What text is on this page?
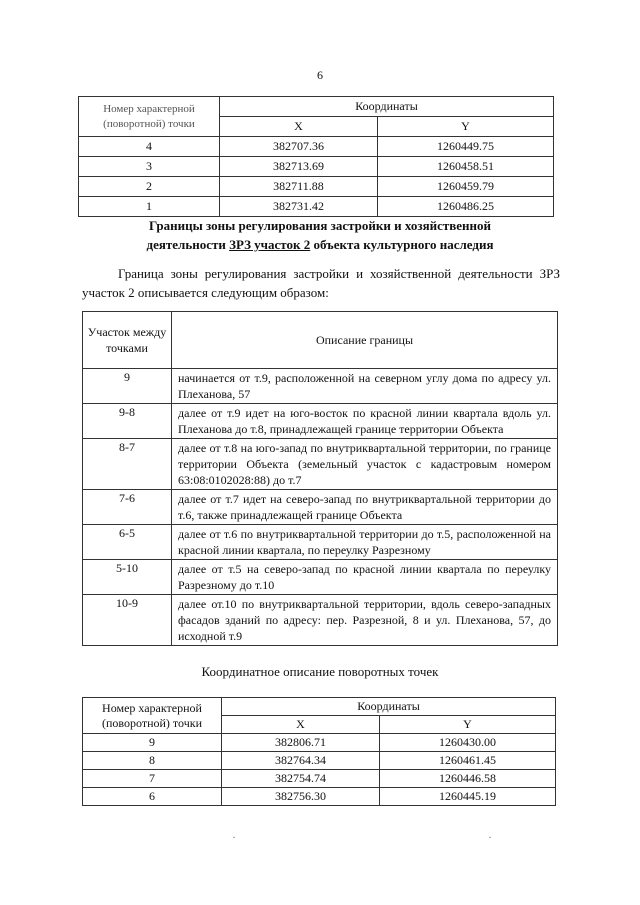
6
Номер характерной (поворотной) точки	Координаты	
	X	Y
4	382707.36	1260449.75
3	382713.69	1260458.51
2	382711.88	1260459.79
1	382731.42	1260486.25
Границы зоны регулирования застройки и хозяйственной
деятельности ЗРЗ участок 2 объекта культурного наследия
Граница зоны регулирования застройки и хозяйственной деятельности ЗРЗ участок 2 описывается следующим образом:
Участок между точками	Описание границы
9	начинается от т.9, расположенной на северном углу дома по адресу ул. Плеханова, 57
9-8	далее от т.9 идет на юго-восток по красной линии квартала вдоль ул. Плеханова до т.8, принадлежащей границе территории Объекта
8-7	далее от т.8 на юго-запад по внутриквартальной территории, по границе территории Объекта (земельный участок с кадастровым номером 63:08:0102028:88) до т.7
7-6	далее от т.7 идет на северо-запад по внутриквартальной территории до т.6, также принадлежащей границе Объекта
6-5	далее от т.6 по внутриквартальной территории до т.5, расположенной на красной линии квартала, по переулку Разрезному
5-10	далее от т.5 на северо-запад по красной линии квартала по переулку Разрезному до т.10
10-9	далее от.10 по внутриквартальной территории, вдоль северо-западных фасадов зданий по адресу: пер. Разрезной, 8 и ул. Плеханова, 57, до исходной т.9
Координатное описание поворотных точек
Номер характерной (поворотной) точки	Координаты	
	X	Y
9	382806.71	1260430.00
8	382764.34	1260461.45
7	382754.74	1260446.58
6	382756.30	1260445.19
·	·
